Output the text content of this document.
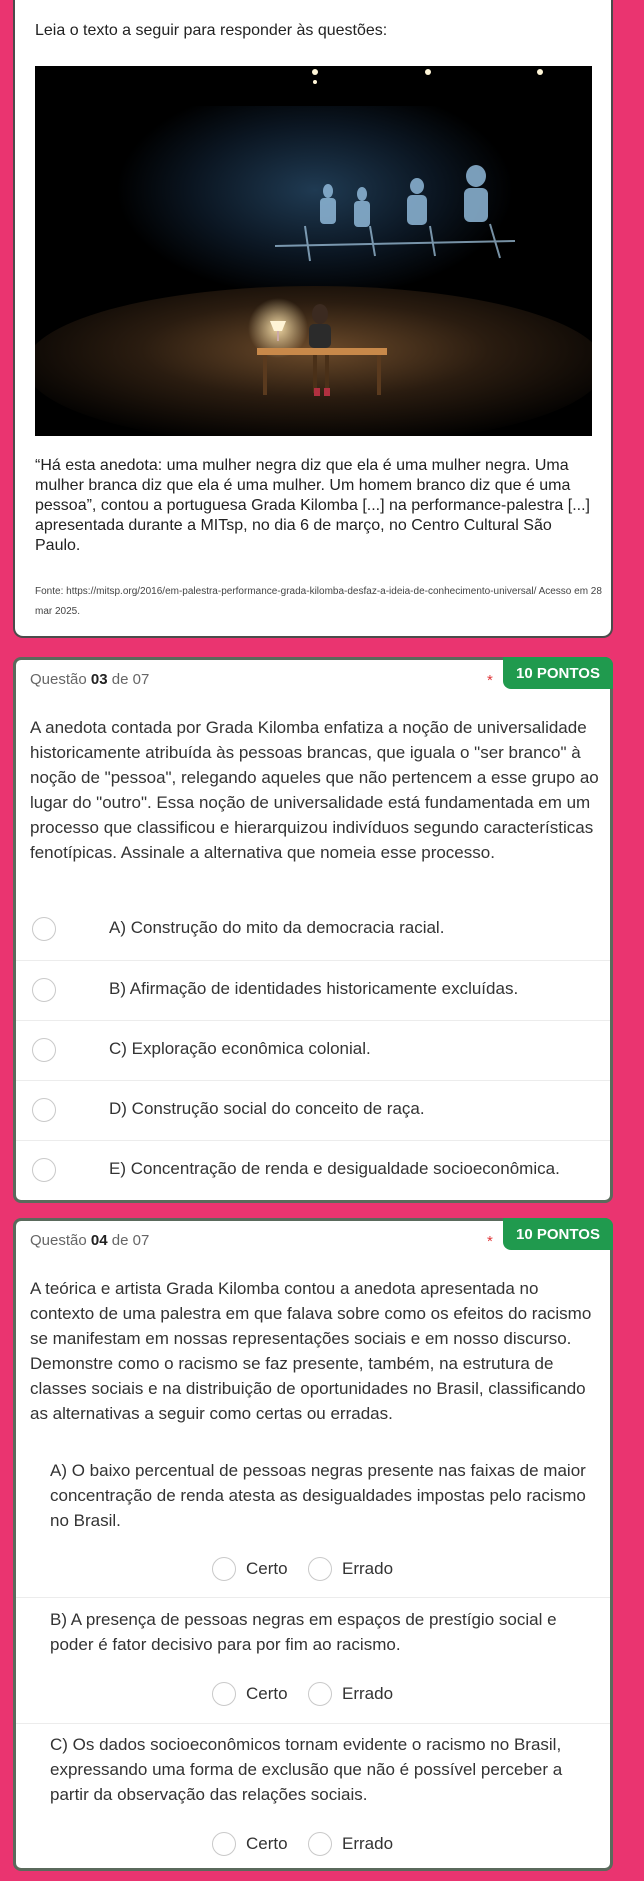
Leia o texto a seguir para responder às questões:
“Há esta anedota: uma mulher negra diz que ela é uma mulher negra. Uma mulher branca diz que ela é uma mulher. Um homem branco diz que é uma pessoa”, contou a portuguesa Grada Kilomba [...] na performance-palestra [...] apresentada durante a MITsp, no dia 6 de março, no Centro Cultural São Paulo.
Fonte: https://mitsp.org/2016/em-palestra-performance-grada-kilomba-desfaz-a-ideia-de-conhecimento-universal/ Acesso em 28 mar 2025.
Questão 03 de 07	*	10 PONTOS
A anedota contada por Grada Kilomba enfatiza a noção de universalidade historicamente atribuída às pessoas brancas, que iguala o "ser branco" à noção de "pessoa", relegando aqueles que não pertencem a esse grupo ao lugar do "outro". Essa noção de universalidade está fundamentada em um processo que classificou e hierarquizou indivíduos segundo características fenotípicas. Assinale a alternativa que nomeia esse processo.
A) Construção do mito da democracia racial.
B) Afirmação de identidades historicamente excluídas.
C) Exploração econômica colonial.
D) Construção social do conceito de raça.
E) Concentração de renda e desigualdade socioeconômica.
Questão 04 de 07	*	10 PONTOS
A teórica e artista Grada Kilomba contou a anedota apresentada no contexto de uma palestra em que falava sobre como os efeitos do racismo se manifestam em nossas representações sociais e em nosso discurso. Demonstre como o racismo se faz presente, também, na estrutura de classes sociais e na distribuição de oportunidades no Brasil, classificando as alternativas a seguir como certas ou erradas.
A) O baixo percentual de pessoas negras presente nas faixas de maior concentração de renda atesta as desigualdades impostas pelo racismo no Brasil.
Certo	Errado
B) A presença de pessoas negras em espaços de prestígio social e poder é fator decisivo para por fim ao racismo.
Certo	Errado
C) Os dados socioeconômicos tornam evidente o racismo no Brasil, expressando uma forma de exclusão que não é possível perceber a partir da observação das relações sociais.
Certo	Errado
